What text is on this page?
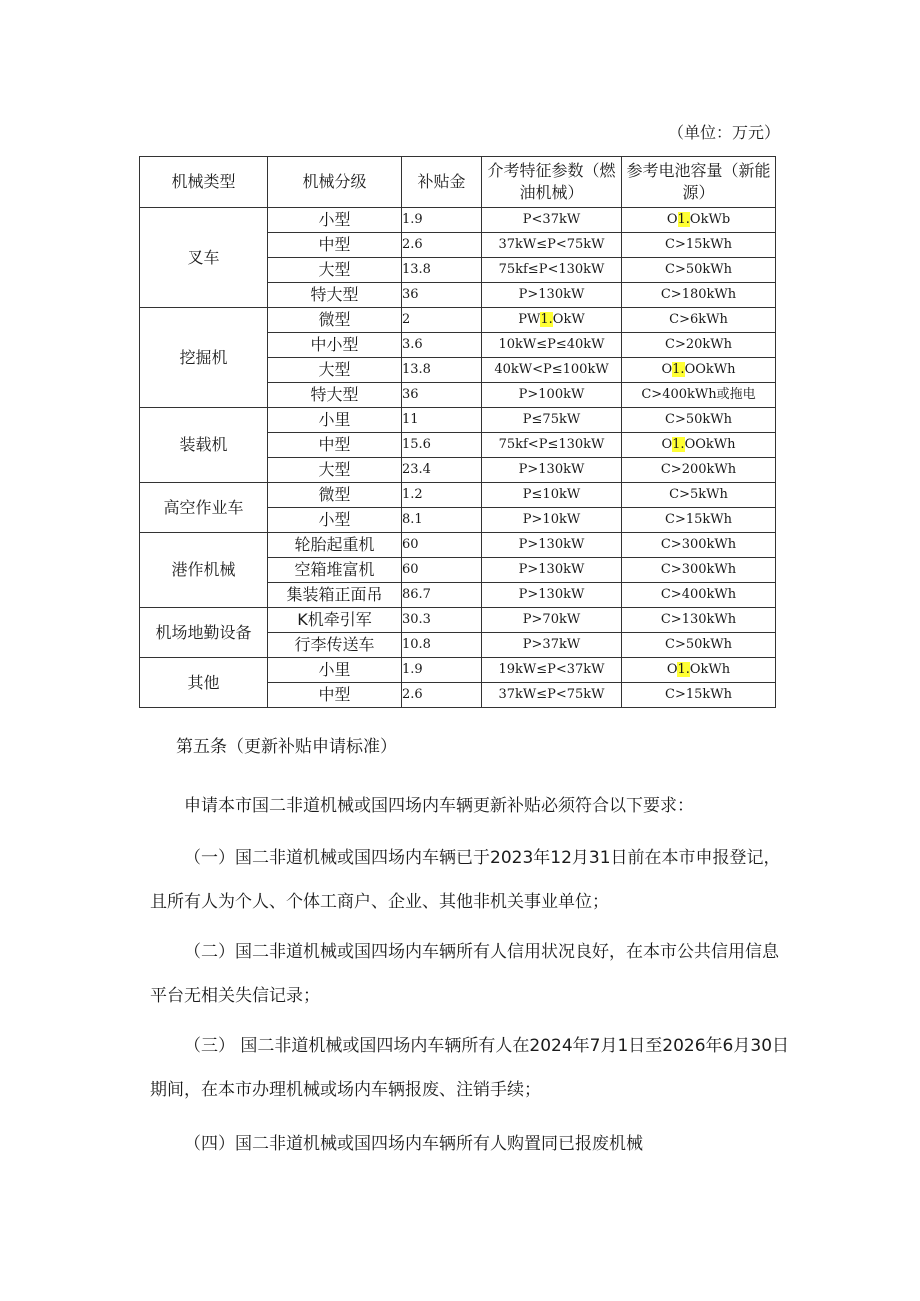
（单位：万元）
机械类型	机械分级	补贴金	介考特征参数（燃油机械）	参考电池容量（新能源）
叉车	小型	1.9	P<37kW	O1.OkWb
	中型	2.6	37kW≤P<75kW	C>15kWh
	大型	13.8	75kf≤P<130kW	C>50kWh
	特大型	36	P>130kW	C>180kWh
挖掘机	微型	2	PW1.OkW	C>6kWh
	中小型	3.6	10kW≤P≤40kW	C>20kWh
	大型	13.8	40kW<P≤100kW	O1.OOkWh
	特大型	36	P>100kW	C>400kWh或拖电
装载机	小里	11	P≤75kW	C>50kWh
	中型	15.6	75kf<P≤130kW	O1.OOkWh
	大型	23.4	P>130kW	C>200kWh
高空作业车	微型	1.2	P≤10kW	C>5kWh
	小型	8.1	P>10kW	C>15kWh
港作机械	轮胎起重机	60	P>130kW	C>300kWh
	空箱堆富机	60	P>130kW	C>300kWh
	集装箱正面吊	86.7	P>130kW	C>400kWh
机场地勤设备	K机牵引军	30.3	P>70kW	C>130kWh
	行李传送车	10.8	P>37kW	C>50kWh
其他	小里	1.9	19kW≤P<37kW	O1.OkWh
	中型	2.6	37kW≤P<75kW	C>15kWh

第五条（更新补贴申请标准）

申请本市国二非道机械或国四场内车辆更新补贴必须符合以下要求：

（一）国二非道机械或国四场内车辆已于2023年12月31日前在本市申报登记，且所有人为个人、个体工商户、企业、其他非机关事业单位；

（二）国二非道机械或国四场内车辆所有人信用状况良好，在本市公共信用信息平台无相关失信记录；

（三） 国二非道机械或国四场内车辆所有人在2024年7月1日至2026年6月30日期间，在本市办理机械或场内车辆报废、注销手续；

（四）国二非道机械或国四场内车辆所有人购置同已报废机械
